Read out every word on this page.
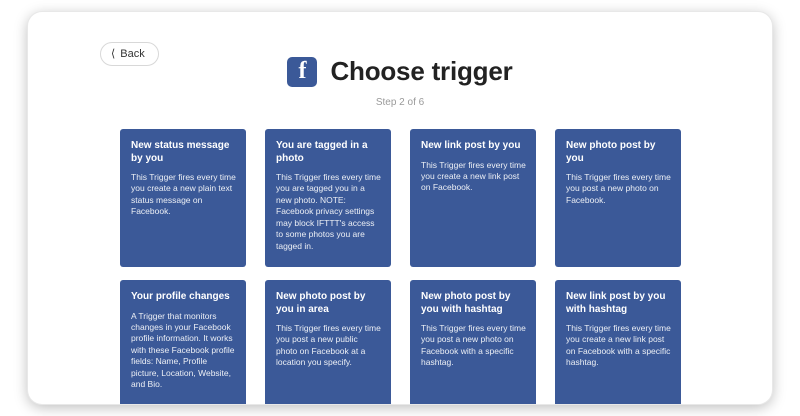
⟨ Back
f Choose trigger
Step 2 of 6
New status message by you
This Trigger fires every time you create a new plain text status message on Facebook.
You are tagged in a photo
This Trigger fires every time you are tagged you in a new photo. NOTE: Facebook privacy settings may block IFTTT's access to some photos you are tagged in.
New link post by you
This Trigger fires every time you create a new link post on Facebook.
New photo post by you
This Trigger fires every time you post a new photo on Facebook.
Your profile changes
A Trigger that monitors changes in your Facebook profile information. It works with these Facebook profile fields: Name, Profile picture, Location, Website, and Bio.
New photo post by you in area
This Trigger fires every time you post a new public photo on Facebook at a location you specify.
New photo post by you with hashtag
This Trigger fires every time you post a new photo on Facebook with a specific hashtag.
New link post by you with hashtag
This Trigger fires every time you create a new link post on Facebook with a specific hashtag.
